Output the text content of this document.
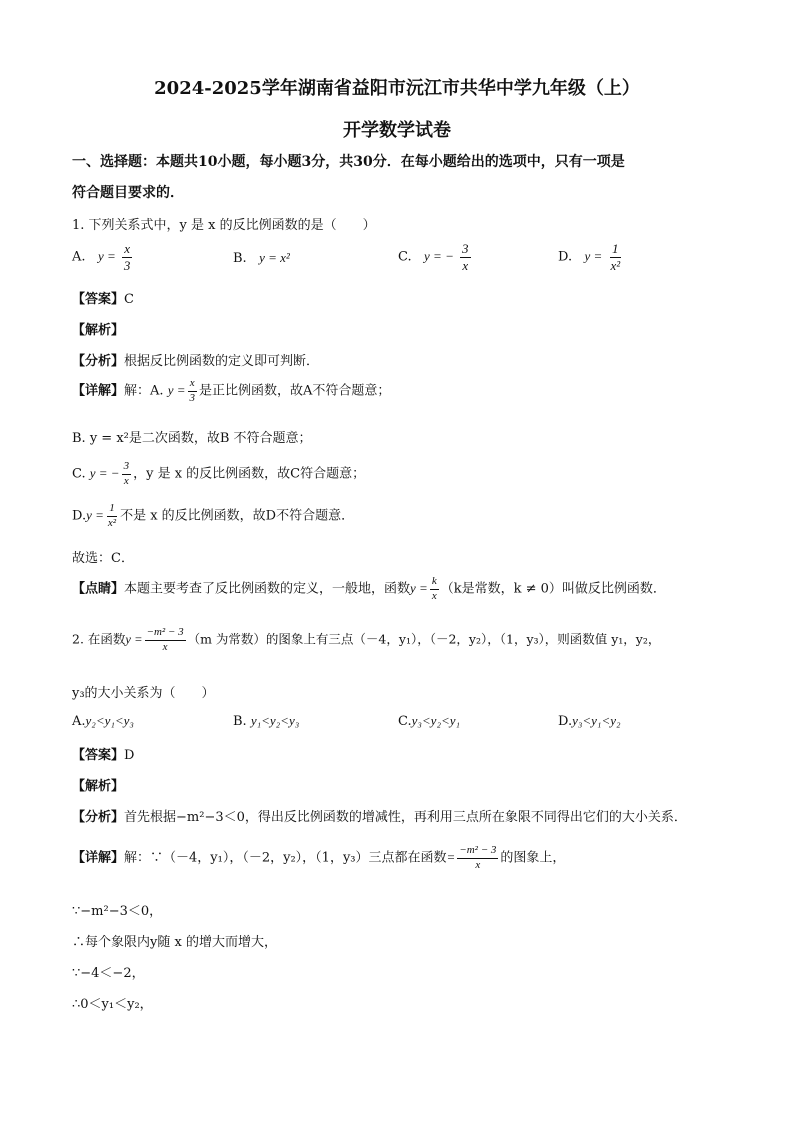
2024-2025学年湖南省益阳市沅江市共华中学九年级（上）
开学数学试卷
一、选择题：本题共10小题，每小题3分，共30分．在每小题给出的选项中，只有一项是
符合题目要求的．
1. 下列关系式中，y 是 x 的反比例函数的是（　　）
A. $y = \frac{x}{3}$	B. y = x²	C. y = − $\frac{3}{x}$	D. $y = \frac{1}{\text{x²}}$
【答案】C
【解析】
【分析】根据反比例函数的定义即可判断．
【详解】解：A. $y = \frac{x}{3}$ 是正比例函数，故A不符合题意；
B. y = x²是二次函数，故B 不符合题意；
C. y = − $\frac{3}{x}$ ，y 是 x 的反比例函数，故C符合题意；
$D.y = \frac{1}{\text{x²}}$ 不是 x 的反比例函数，故D不符合题意．
故选：C．
【点睛】本题主要考查了反比例函数的定义，一般地，函数$y = \frac{k}{x} (k$是常数，k ≠ 0）叫做反比例函数．
2. 在函数$y = \frac{\text{−m² − 3}}{x} (m$ 为常数）的图象上有三点（－4，y₁），（－2，y₂），（1，y₃），则函数值 y₁，y₂，
y₃的大小关系为（　　）
A.y₂<y₁<y₃	B. y₁<y₂<y₃	C.y₃<y₂<y₁	D.y₃<y₁<y₂
【答案】D
【解析】
【分析】首先根据−m²−3＜0，得出反比例函数的增减性，再利用三点所在象限不同得出它们的大小关系．
【详解】解：∵（－4，y₁），（－2，y₂），（1，y₃）三点都在函数= $\frac{\text{−m² − 3}}{x}$ 的图象上，
∵−m²−3＜0，
∴每个象限内y随 x 的增大而增大，
∵−4＜−2，
∴0＜y₁＜y₂，
